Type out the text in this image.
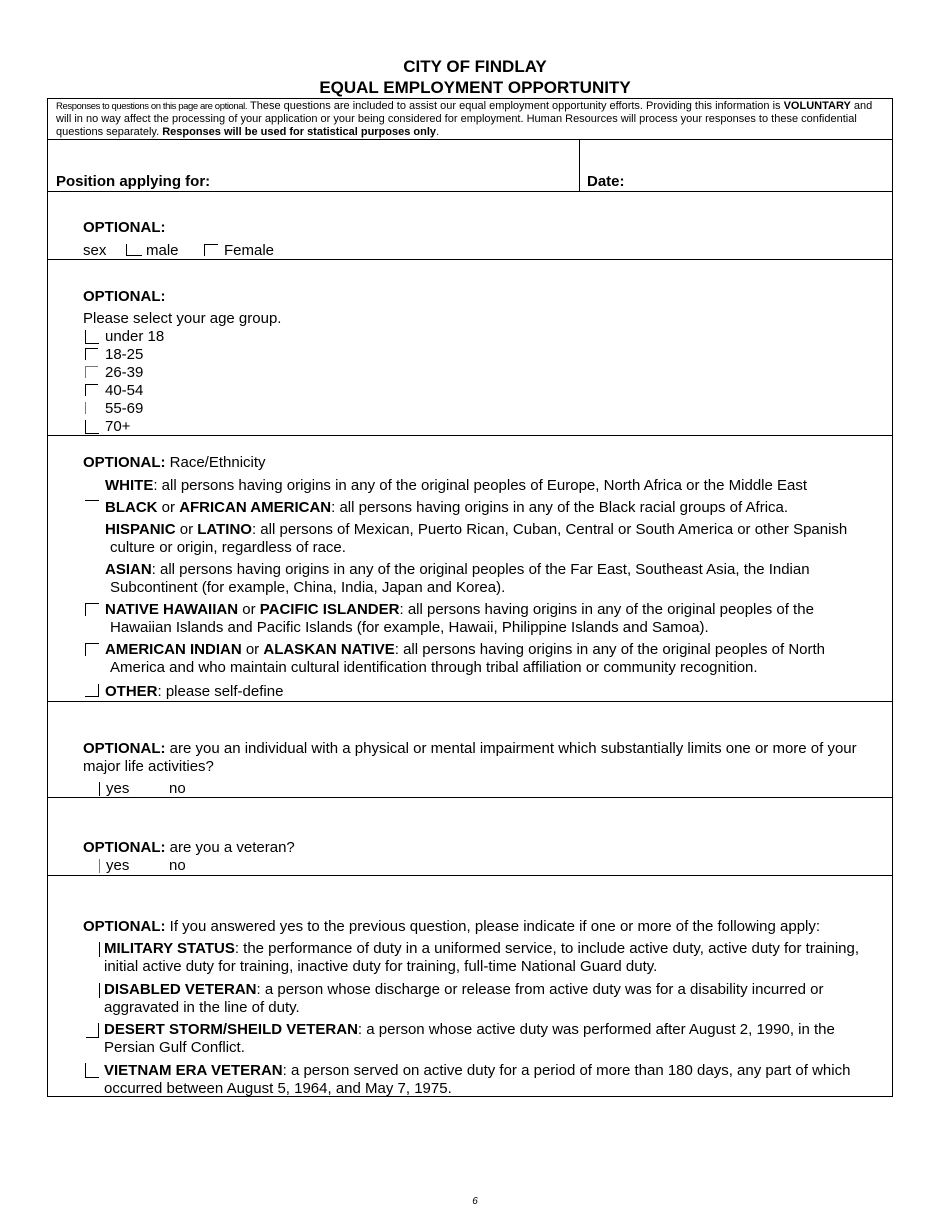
CITY OF FINDLAY
EQUAL EMPLOYMENT OPPORTUNITY
Responses to questions on this page are optional. These questions are included to assist our equal employment opportunity efforts. Providing this information is VOLUNTARY and will in no way affect the processing of your application or your being considered for employment. Human Resources will process your responses to these confidential questions separately. Responses will be used for statistical purposes only.
Position applying for:	Date:
OPTIONAL:
sex	male	Female
OPTIONAL:
Please select your age group.
under 18
18-25
26-39
40-54
55-69
70+
OPTIONAL: Race/Ethnicity
WHITE: all persons having origins in any of the original peoples of Europe, North Africa or the Middle East
BLACK or AFRICAN AMERICAN: all persons having origins in any of the Black racial groups of Africa.
HISPANIC or LATINO: all persons of Mexican, Puerto Rican, Cuban, Central or South America or other Spanish
culture or origin, regardless of race.
ASIAN: all persons having origins in any of the original peoples of the Far East, Southeast Asia, the Indian
Subcontinent (for example, China, India, Japan and Korea).
NATIVE HAWAIIAN or PACIFIC ISLANDER: all persons having origins in any of the original peoples of the
Hawaiian Islands and Pacific Islands (for example, Hawaii, Philippine Islands and Samoa).
AMERICAN INDIAN or ALASKAN NATIVE: all persons having origins in any of the original peoples of North
America and who maintain cultural identification through tribal affiliation or community recognition.
OTHER: please self-define
OPTIONAL: are you an individual with a physical or mental impairment which substantially limits one or more of your major life activities?
yes	no
OPTIONAL: are you a veteran?
yes	no
OPTIONAL: If you answered yes to the previous question, please indicate if one or more of the following apply:
MILITARY STATUS: the performance of duty in a uniformed service, to include active duty, active duty for training, initial active duty for training, inactive duty for training, full-time National Guard duty.
DISABLED VETERAN: a person whose discharge or release from active duty was for a disability incurred or aggravated in the line of duty.
DESERT STORM/SHEILD VETERAN: a person whose active duty was performed after August 2, 1990, in the Persian Gulf Conflict.
VIETNAM ERA VETERAN: a person served on active duty for a period of more than 180 days, any part of which occurred between August 5, 1964, and May 7, 1975.
6
